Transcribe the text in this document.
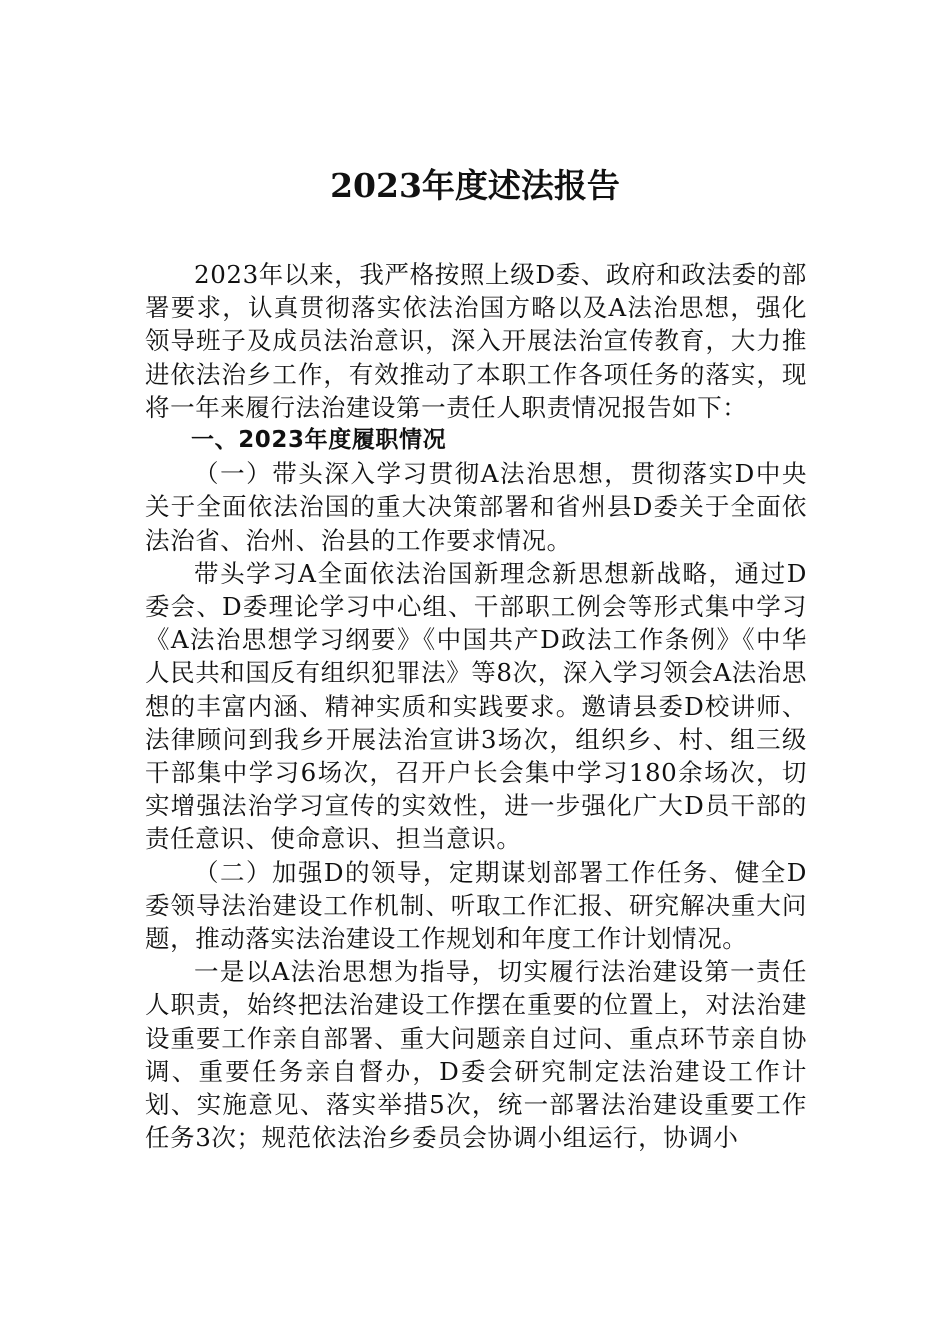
2023年度述法报告

2023年以来，我严格按照上级D委、政府和政法委的部署要求，认真贯彻落实依法治国方略以及A法治思想，强化领导班子及成员法治意识，深入开展法治宣传教育，大力推进依法治乡工作，有效推动了本职工作各项任务的落实，现将一年来履行法治建设第一责任人职责情况报告如下：

一、2023年度履职情况

（一）带头深入学习贯彻A法治思想，贯彻落实D中央关于全面依法治国的重大决策部署和省州县D委关于全面依法治省、治州、治县的工作要求情况。

带头学习A全面依法治国新理念新思想新战略，通过D委会、D委理论学习中心组、干部职工例会等形式集中学习《A法治思想学习纲要》《中国共产D政法工作条例》《中华人民共和国反有组织犯罪法》等8次，深入学习领会A法治思想的丰富内涵、精神实质和实践要求。邀请县委D校讲师、法律顾问到我乡开展法治宣讲3场次，组织乡、村、组三级干部集中学习6场次，召开户长会集中学习180余场次，切实增强法治学习宣传的实效性，进一步强化广大D员干部的责任意识、使命意识、担当意识。

（二）加强D的领导，定期谋划部署工作任务、健全D委领导法治建设工作机制、听取工作汇报、研究解决重大问题，推动落实法治建设工作规划和年度工作计划情况。

一是以A法治思想为指导，切实履行法治建设第一责任人职责，始终把法治建设工作摆在重要的位置上，对法治建设重要工作亲自部署、重大问题亲自过问、重点环节亲自协调、重要任务亲自督办，D委会研究制定法治建设工作计划、实施意见、落实举措5次，统一部署法治建设重要工作任务3次；规范依法治乡委员会协调小组运行，协调小
